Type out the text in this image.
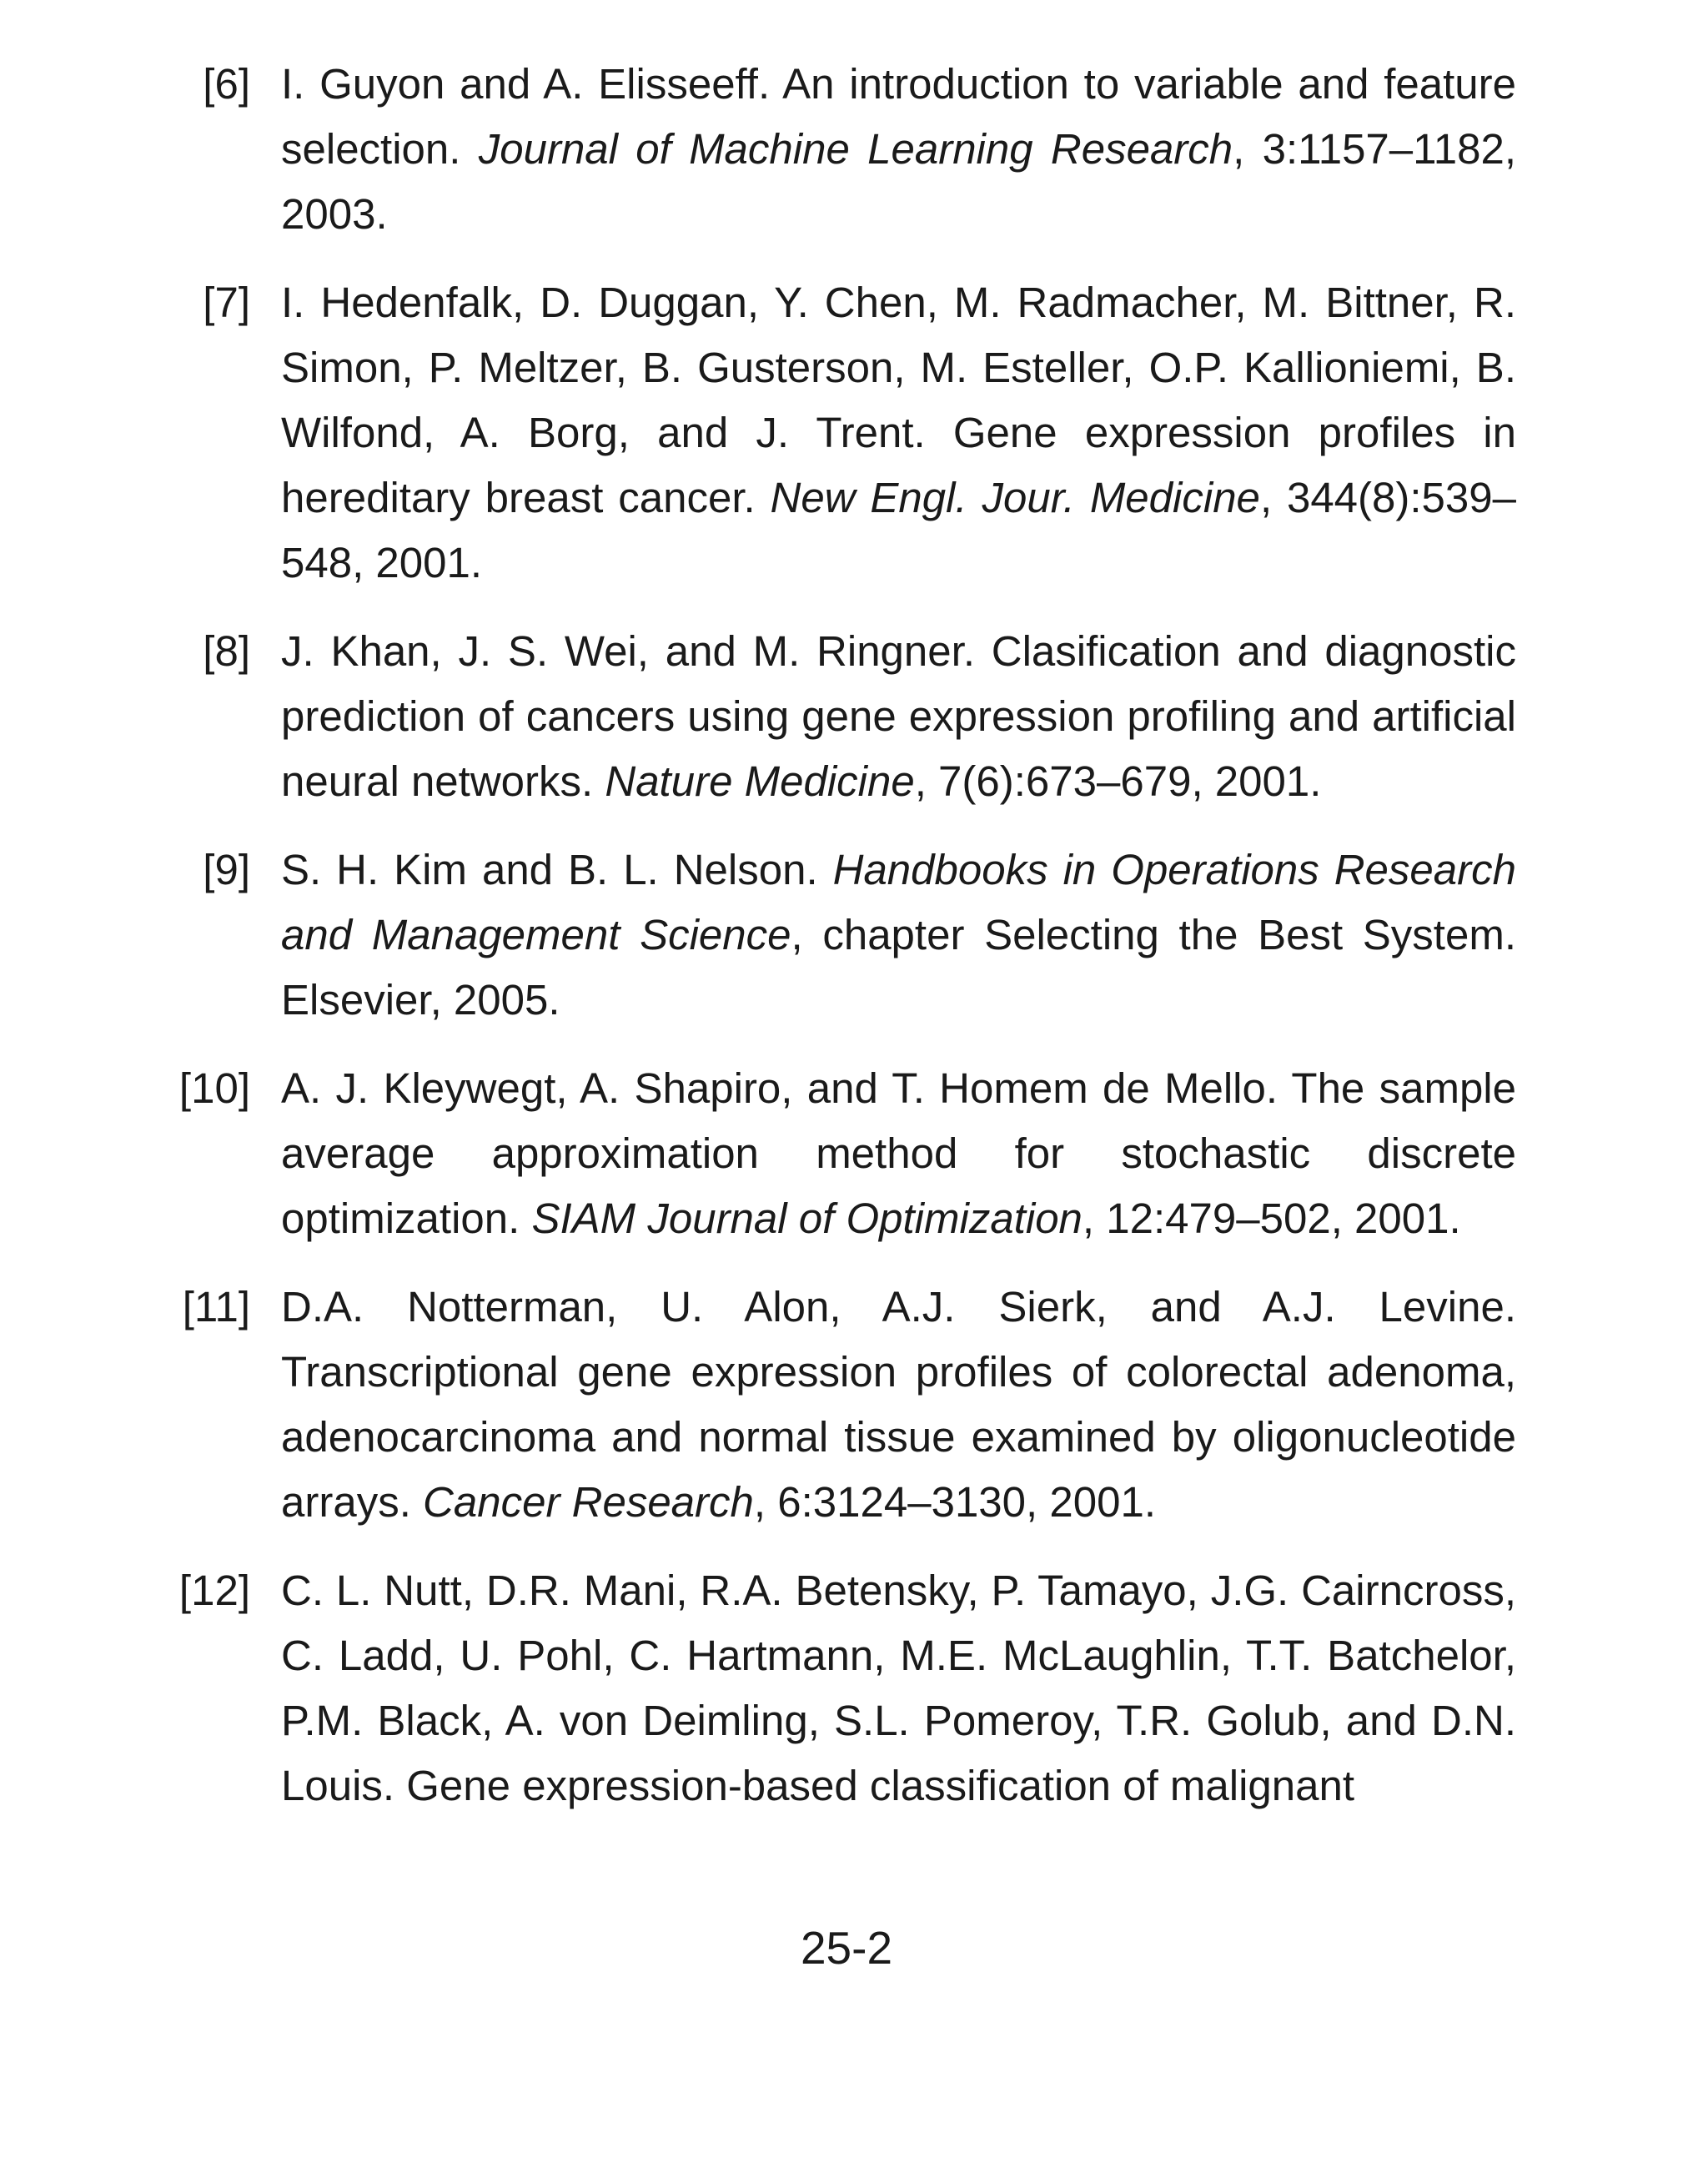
[6] I. Guyon and A. Elisseeff. An introduction to variable and feature selection. Journal of Machine Learning Research, 3:1157–1182, 2003.
[7] I. Hedenfalk, D. Duggan, Y. Chen, M. Radmacher, M. Bittner, R. Simon, P. Meltzer, B. Gusterson, M. Esteller, O.P. Kallioniemi, B. Wilfond, A. Borg, and J. Trent. Gene expression profiles in hereditary breast cancer. New Engl. Jour. Medicine, 344(8):539–548, 2001.
[8] J. Khan, J. S. Wei, and M. Ringner. Clasification and diagnostic prediction of cancers using gene expression profiling and artificial neural networks. Nature Medicine, 7(6):673–679, 2001.
[9] S. H. Kim and B. L. Nelson. Handbooks in Operations Research and Management Science, chapter Selecting the Best System. Elsevier, 2005.
[10] A. J. Kleywegt, A. Shapiro, and T. Homem de Mello. The sample average approximation method for stochastic discrete optimization. SIAM Journal of Optimization, 12:479–502, 2001.
[11] D.A. Notterman, U. Alon, A.J. Sierk, and A.J. Levine. Transcriptional gene expression profiles of colorectal adenoma, adenocarcinoma and normal tissue examined by oligonucleotide arrays. Cancer Research, 6:3124–3130, 2001.
[12] C. L. Nutt, D.R. Mani, R.A. Betensky, P. Tamayo, J.G. Cairncross, C. Ladd, U. Pohl, C. Hartmann, M.E. McLaughlin, T.T. Batchelor, P.M. Black, A. von Deimling, S.L. Pomeroy, T.R. Golub, and D.N. Louis. Gene expression-based classification of malignant
25-2
